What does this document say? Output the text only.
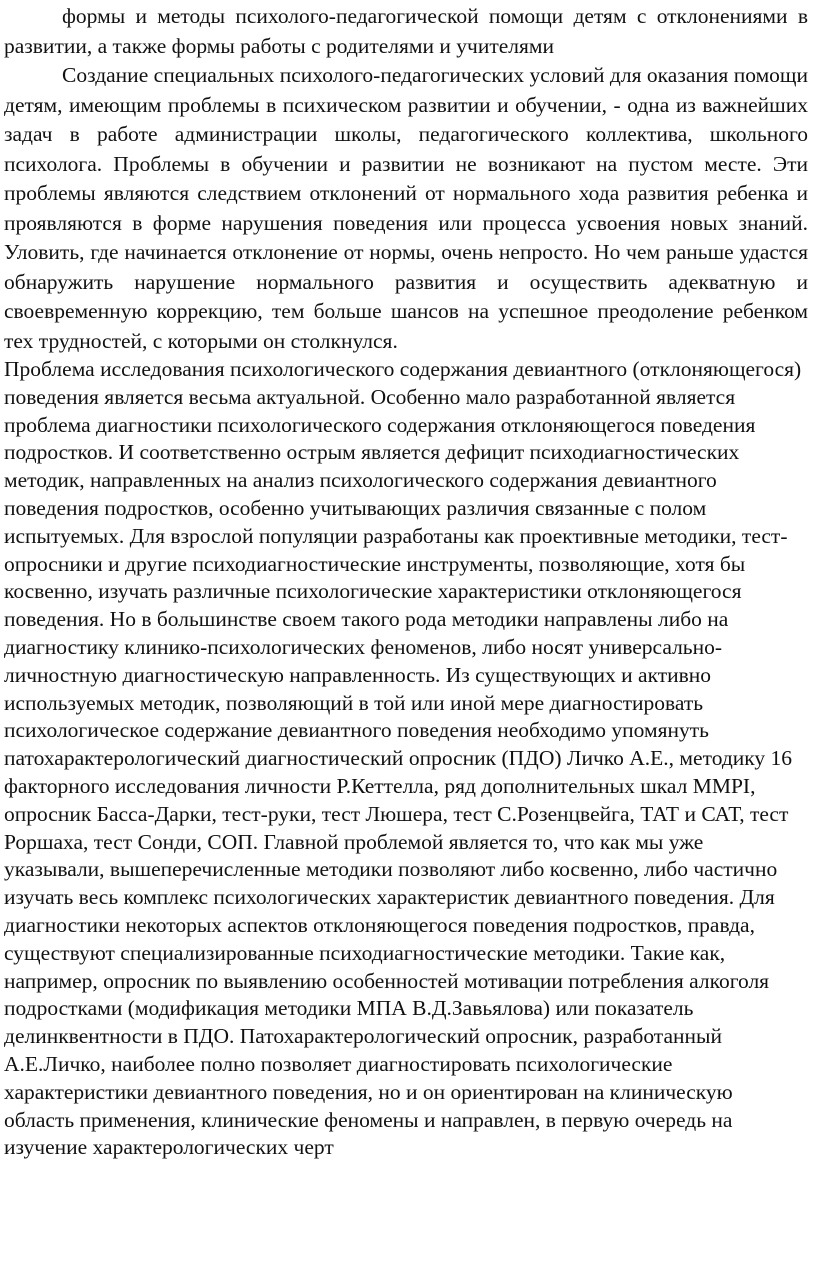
формы и методы психолого-педагогической помощи детям с отклонениями в развитии, а также формы работы с родителями и учителями

Создание специальных психолого-педагогических условий для оказания помощи детям, имеющим проблемы в психическом развитии и обучении, - одна из важнейших задач в работе администрации школы, педагогического коллектива, школьного психолога. Проблемы в обучении и развитии не возникают на пустом месте. Эти проблемы являются следствием отклонений от нормального хода развития ребенка и проявляются в форме нарушения поведения или процесса усвоения новых знаний. Уловить, где начинается отклонение от нормы, очень непросто. Но чем раньше удастся обнаружить нарушение нормального развития и осуществить адекватную и своевременную коррекцию, тем больше шансов на успешное преодоление ребенком тех трудностей, с которыми он столкнулся.

Проблема исследования психологического содержания девиантного (отклоняющегося) поведения является весьма актуальной. Особенно мало разработанной является проблема диагностики психологического содержания отклоняющегося поведения подростков. И соответственно острым является дефицит психодиагностических методик, направленных на анализ психологического содержания девиантного поведения подростков, особенно учитывающих различия связанные с полом испытуемых. Для взрослой популяции разработаны как проективные методики, тест-опросники и другие психодиагностические инструменты, позволяющие, хотя бы косвенно, изучать различные психологические характеристики отклоняющегося поведения. Но в большинстве своем такого рода методики направлены либо на диагностику клинико-психологических феноменов, либо носят универсально-личностную диагностическую направленность. Из существующих и активно используемых методик, позволяющий в той или иной мере диагностировать психологическое содержание девиантного поведения необходимо упомянуть патохарактерологический диагностический опросник (ПДО) Личко А.Е., методику 16 факторного исследования личности Р.Кеттелла, ряд дополнительных шкал MMPI, опросник Басса-Дарки, тест-руки, тест Люшера, тест С.Розенцвейга, ТАТ и САТ, тест Роршаха, тест Сонди, СОП. Главной проблемой является то, что как мы уже указывали, вышеперечисленные методики позволяют либо косвенно, либо частично изучать весь комплекс психологических характеристик девиантного поведения. Для диагностики некоторых аспектов отклоняющегося поведения подростков, правда, существуют специализированные психодиагностические методики. Такие как, например, опросник по выявлению особенностей мотивации потребления алкоголя подростками (модификация методики МПА В.Д.Завьялова) или показатель делинквентности в ПДО. Патохарактерологический опросник, разработанный А.Е.Личко, наиболее полно позволяет диагностировать психологические характеристики девиантного поведения, но и он ориентирован на клиническую область применения, клинические феномены и направлен, в первую очередь на изучение характерологических черт
